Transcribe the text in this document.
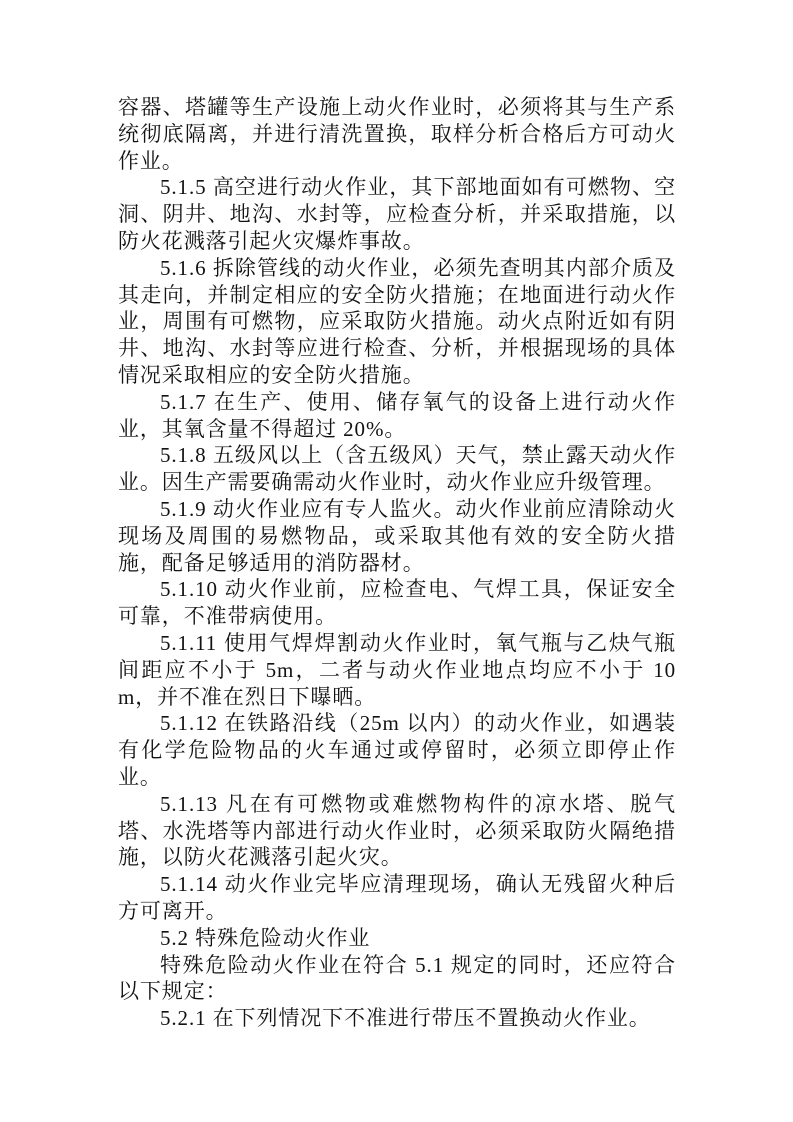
容器、塔罐等生产设施上动火作业时，必须将其与生产系统彻底隔离，并进行清洗置换，取样分析合格后方可动火作业。

5.1.5 高空进行动火作业，其下部地面如有可燃物、空洞、阴井、地沟、水封等，应检查分析，并采取措施，以防火花溅落引起火灾爆炸事故。

5.1.6 拆除管线的动火作业，必须先查明其内部介质及其走向，并制定相应的安全防火措施；在地面进行动火作业，周围有可燃物，应采取防火措施。动火点附近如有阴井、地沟、水封等应进行检查、分析，并根据现场的具体情况采取相应的安全防火措施。

5.1.7 在生产、使用、储存氧气的设备上进行动火作业，其氧含量不得超过 20%。

5.1.8 五级风以上（含五级风）天气，禁止露天动火作业。因生产需要确需动火作业时，动火作业应升级管理。

5.1.9 动火作业应有专人监火。动火作业前应清除动火现场及周围的易燃物品，或采取其他有效的安全防火措施，配备足够适用的消防器材。

5.1.10 动火作业前，应检查电、气焊工具，保证安全可靠，不准带病使用。

5.1.11 使用气焊焊割动火作业时，氧气瓶与乙炔气瓶间距应不小于 5m，二者与动火作业地点均应不小于 10m，并不准在烈日下曝晒。

5.1.12 在铁路沿线（25m 以内）的动火作业，如遇装有化学危险物品的火车通过或停留时，必须立即停止作业。

5.1.13 凡在有可燃物或难燃物构件的凉水塔、脱气塔、水洗塔等内部进行动火作业时，必须采取防火隔绝措施，以防火花溅落引起火灾。

5.1.14 动火作业完毕应清理现场，确认无残留火种后方可离开。

5.2 特殊危险动火作业

特殊危险动火作业在符合 5.1 规定的同时，还应符合以下规定：

5.2.1 在下列情况下不准进行带压不置换动火作业。
